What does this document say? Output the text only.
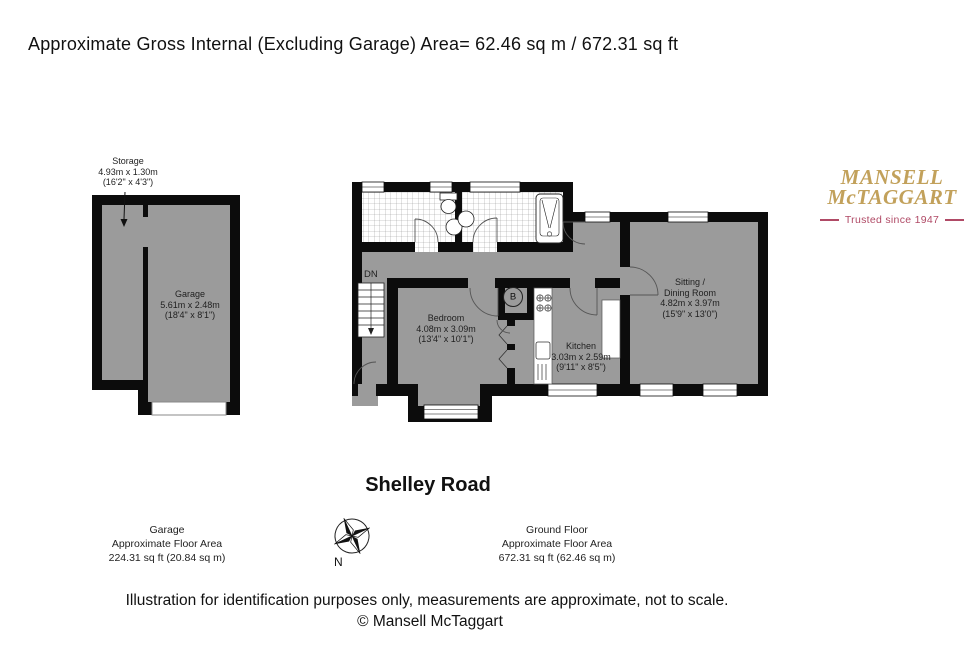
Approximate Gross Internal (Excluding Garage) Area= 62.46 sq m / 672.31 sq ft
MANSELL
McTAGGART
Trusted since 1947
Storage
4.93m x 1.30m
(16'2" x 4'3")
Garage
5.61m x 2.48m
(18'4" x 8'1")	Bedroom
4.08m x 3.09m
(13'4" x 10'1")
Kitchen
3.03m x 2.59m
(9'11" x 8'5")
Sitting /
Dining Room
4.82m x 3.97m
(15'9" x 13'0")
DN
B
N
Shelley Road
Garage
Approximate Floor Area
224.31 sq ft (20.84 sq m)
Ground Floor
Approximate Floor Area
672.31 sq ft (62.46 sq m)
Illustration for identification purposes only, measurements are approximate, not to scale.
© Mansell McTaggart
